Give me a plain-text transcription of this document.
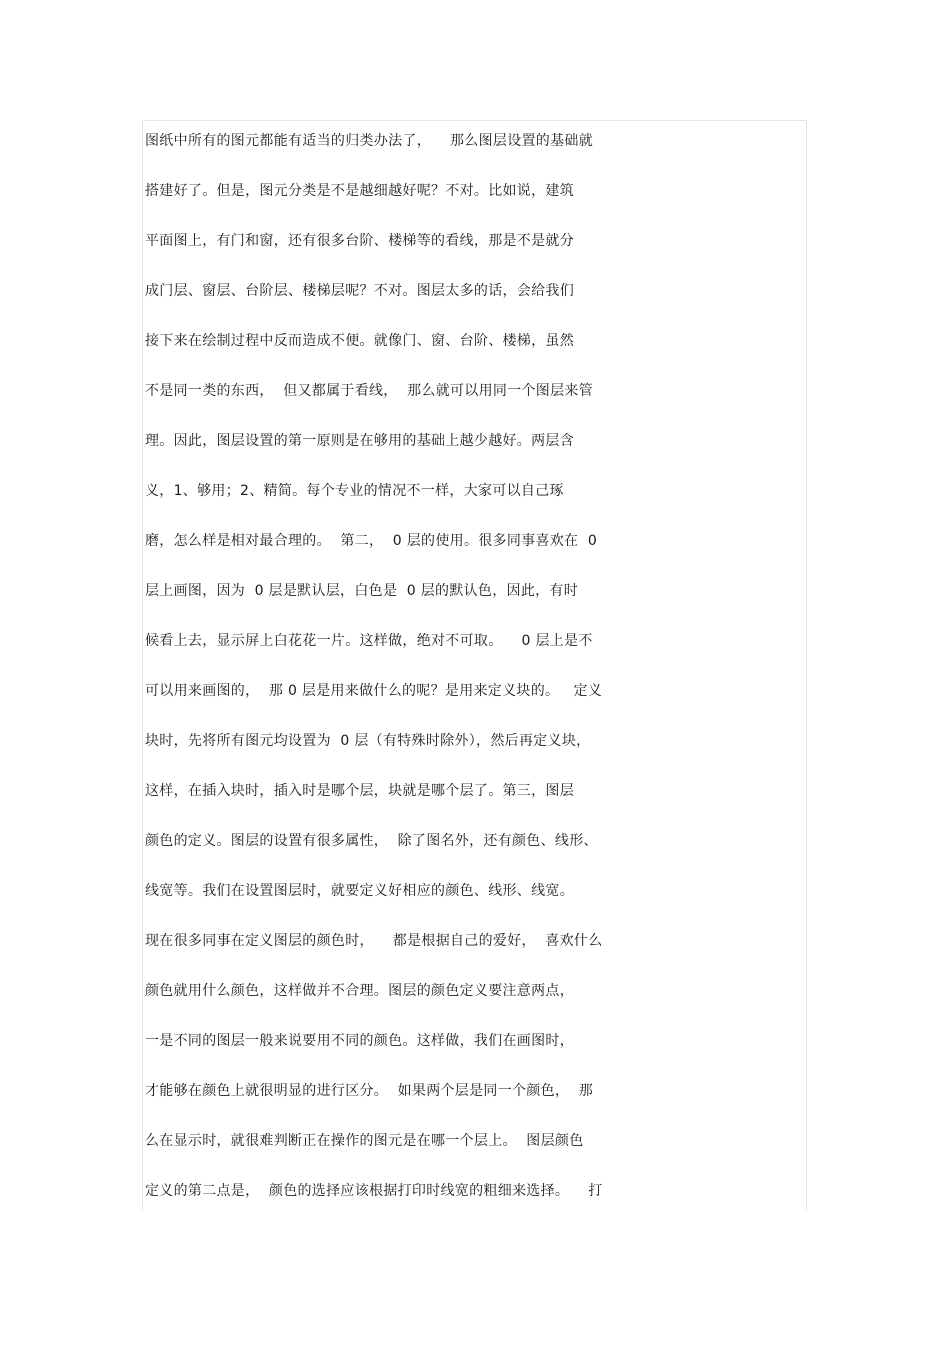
图纸中所有的图元都能有适当的归类办法了，    那么图层设置的基础就
搭建好了。但是，图元分类是不是越细越好呢？不对。比如说，建筑
平面图上，有门和窗，还有很多台阶、楼梯等的看线，那是不是就分
成门层、窗层、台阶层、楼梯层呢？不对。图层太多的话，会给我们
接下来在绘制过程中反而造成不便。就像门、窗、台阶、楼梯，虽然
不是同一类的东西，  但又都属于看线，  那么就可以用同一个图层来管
理。因此，图层设置的第一原则是在够用的基础上越少越好。两层含
义，1、够用；2、精简。每个专业的情况不一样，大家可以自己琢
磨，怎么样是相对最合理的。  第二，  0 层的使用。很多同事喜欢在  0
层上画图，因为  0 层是默认层，白色是  0 层的默认色，因此，有时
候看上去，显示屏上白花花一片。这样做，绝对不可取。    0 层上是不
可以用来画图的，  那 0 层是用来做什么的呢？是用来定义块的。   定义
块时，先将所有图元均设置为  0 层（有特殊时除外），然后再定义块，
这样，在插入块时，插入时是哪个层，块就是哪个层了。第三，图层
颜色的定义。图层的设置有很多属性，  除了图名外，还有颜色、线形、
线宽等。我们在设置图层时，就要定义好相应的颜色、线形、线宽。
现在很多同事在定义图层的颜色时，    都是根据自己的爱好，  喜欢什么
颜色就用什么颜色，这样做并不合理。图层的颜色定义要注意两点，
一是不同的图层一般来说要用不同的颜色。这样做，我们在画图时，
才能够在颜色上就很明显的进行区分。  如果两个层是同一个颜色，  那
么在显示时，就很难判断正在操作的图元是在哪一个层上。  图层颜色
定义的第二点是，  颜色的选择应该根据打印时线宽的粗细来选择。    打
